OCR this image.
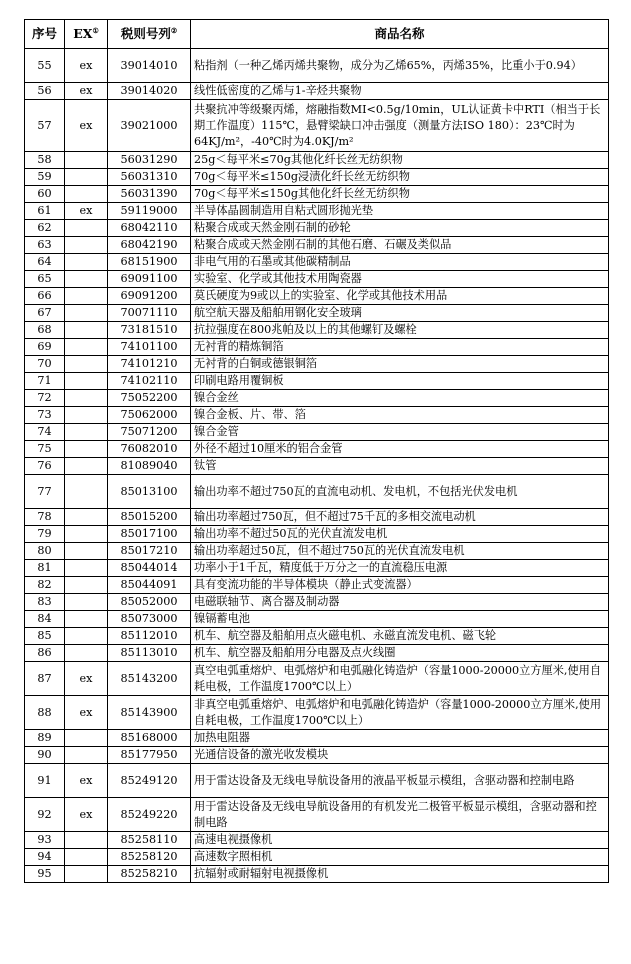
序号	EX①	税则号列②	商品名称
55	ex	39014010	粘指剂（一种乙烯丙烯共聚物，成分为乙烯65%，丙烯35%，比重小于0.94）
56	ex	39014020	线性低密度的乙烯与1-辛烃共聚物
57	ex	39021000	共聚抗冲等级聚丙烯，熔融指数MI<0.5g/10min，UL认证黄卡中RTI（相当于长期工作温度）115℃，悬臂梁缺口冲击强度（测量方法ISO 180）：23℃时为64KJ/m²，-40℃时为4.0KJ/m²
58		56031290	25g＜每平米≤70g其他化纤长丝无纺织物
59		56031310	70g＜每平米≤150g浸渍化纤长丝无纺织物
60		56031390	70g＜每平米≤150g其他化纤长丝无纺织物
61	ex	59119000	半导体晶圆制造用自粘式圆形抛光垫
62		68042110	粘聚合成或天然金刚石制的砂轮
63		68042190	粘聚合成或天然金刚石制的其他石磨、石碾及类似品
64		68151900	非电气用的石墨或其他碳精制品
65		69091100	实验室、化学或其他技术用陶瓷器
66		69091200	莫氏硬度为9或以上的实验室、化学或其他技术用品
67		70071110	航空航天器及船舶用钢化安全玻璃
68		73181510	抗拉强度在800兆帕及以上的其他螺钉及螺栓
69		74101100	无衬背的精炼铜箔
70		74101210	无衬背的白铜或德银铜箔
71		74102110	印刷电路用覆铜板
72		75052200	镍合金丝
73		75062000	镍合金板、片、带、箔
74		75071200	镍合金管
75		76082010	外径不超过10厘米的铝合金管
76		81089040	钛管
77		85013100	输出功率不超过750瓦的直流电动机、发电机，不包括光伏发电机
78		85015200	输出功率超过750瓦，但不超过75千瓦的多相交流电动机
79		85017100	输出功率不超过50瓦的光伏直流发电机
80		85017210	输出功率超过50瓦，但不超过750瓦的光伏直流发电机
81		85044014	功率小于1千瓦，精度低于万分之一的直流稳压电源
82		85044091	具有变流功能的半导体模块（静止式变流器）
83		85052000	电磁联轴节、离合器及制动器
84		85073000	镍镉蓄电池
85		85112010	机车、航空器及船舶用点火磁电机、永磁直流发电机、磁飞轮
86		85113010	机车、航空器及船舶用分电器及点火线圈
87	ex	85143200	真空电弧重熔炉、电弧熔炉和电弧融化铸造炉（容量1000-20000立方厘米,使用自耗电极，工作温度1700℃以上）
88	ex	85143900	非真空电弧重熔炉、电弧熔炉和电弧融化铸造炉（容量1000-20000立方厘米,使用自耗电极，工作温度1700℃以上）
89		85168000	加热电阻器
90		85177950	光通信设备的激光收发模块
91	ex	85249120	用于雷达设备及无线电导航设备用的液晶平板显示模组，含驱动器和控制电路
92	ex	85249220	用于雷达设备及无线电导航设备用的有机发光二极管平板显示模组，含驱动器和控制电路
93		85258110	高速电视摄像机
94		85258120	高速数字照相机
95		85258210	抗辐射或耐辐射电视摄像机
